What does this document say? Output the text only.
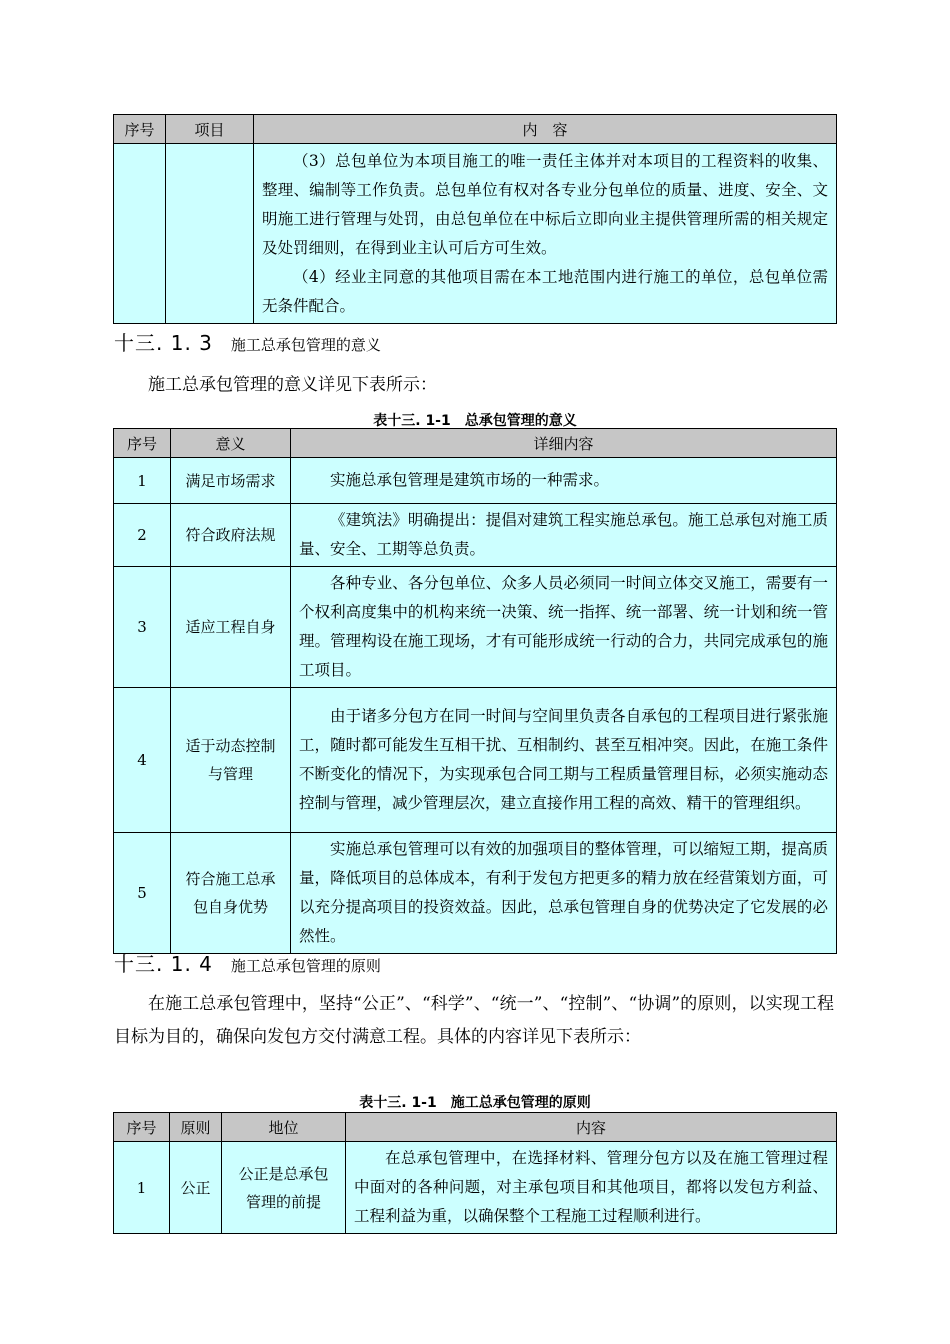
序号	项目	内　容

		（3）总包单位为本项目施工的唯一责任主体并对本项目的工程资料的收集、整理、编制等工作负责。总包单位有权对各专业分包单位的质量、进度、安全、文明施工进行管理与处罚，由总包单位在中标后立即向业主提供管理所需的相关规定及处罚细则，在得到业主认可后方可生效。
（4）经业主同意的其他项目需在本工地范围内进行施工的单位，总包单位需无条件配合。
十三. 1. 3 施工总承包管理的意义
施工总承包管理的意义详见下表所示：
表十三. 1-1　总承包管理的意义
序号	意义	详细内容
1	满足市场需求	实施总承包管理是建筑市场的一种需求。
2	符合政府法规	《建筑法》明确提出：提倡对建筑工程实施总承包。施工总承包对施工质量、安全、工期等总负责。
3	适应工程自身	各种专业、各分包单位、众多人员必须同一时间立体交叉施工，需要有一个权利高度集中的机构来统一决策、统一指挥、统一部署、统一计划和统一管理。管理构设在施工现场，才有可能形成统一行动的合力，共同完成承包的施工项目。
4	适于动态控制与管理	由于诸多分包方在同一时间与空间里负责各自承包的工程项目进行紧张施工，随时都可能发生互相干扰、互相制约、甚至互相冲突。因此，在施工条件不断变化的情况下，为实现承包合同工期与工程质量管理目标，必须实施动态控制与管理，减少管理层次，建立直接作用工程的高效、精干的管理组织。
5	符合施工总承包自身优势	实施总承包管理可以有效的加强项目的整体管理，可以缩短工期，提高质量，降低项目的总体成本，有利于发包方把更多的精力放在经营策划方面，可以充分提高项目的投资效益。因此，总承包管理自身的优势决定了它发展的必然性。
十三. 1. 4 施工总承包管理的原则
在施工总承包管理中，坚持“公正”、“科学”、“统一”、“控制”、“协调”的原则，以实现工程目标为目的，确保向发包方交付满意工程。具体的内容详见下表所示：
表十三. 1-1　施工总承包管理的原则
序号	原则	地位	内容
1	公正	公正是总承包管理的前提	在总承包管理中，在选择材料、管理分包方以及在施工管理过程中面对的各种问题，对主承包项目和其他项目，都将以发包方利益、工程利益为重，以确保整个工程施工过程顺利进行。
